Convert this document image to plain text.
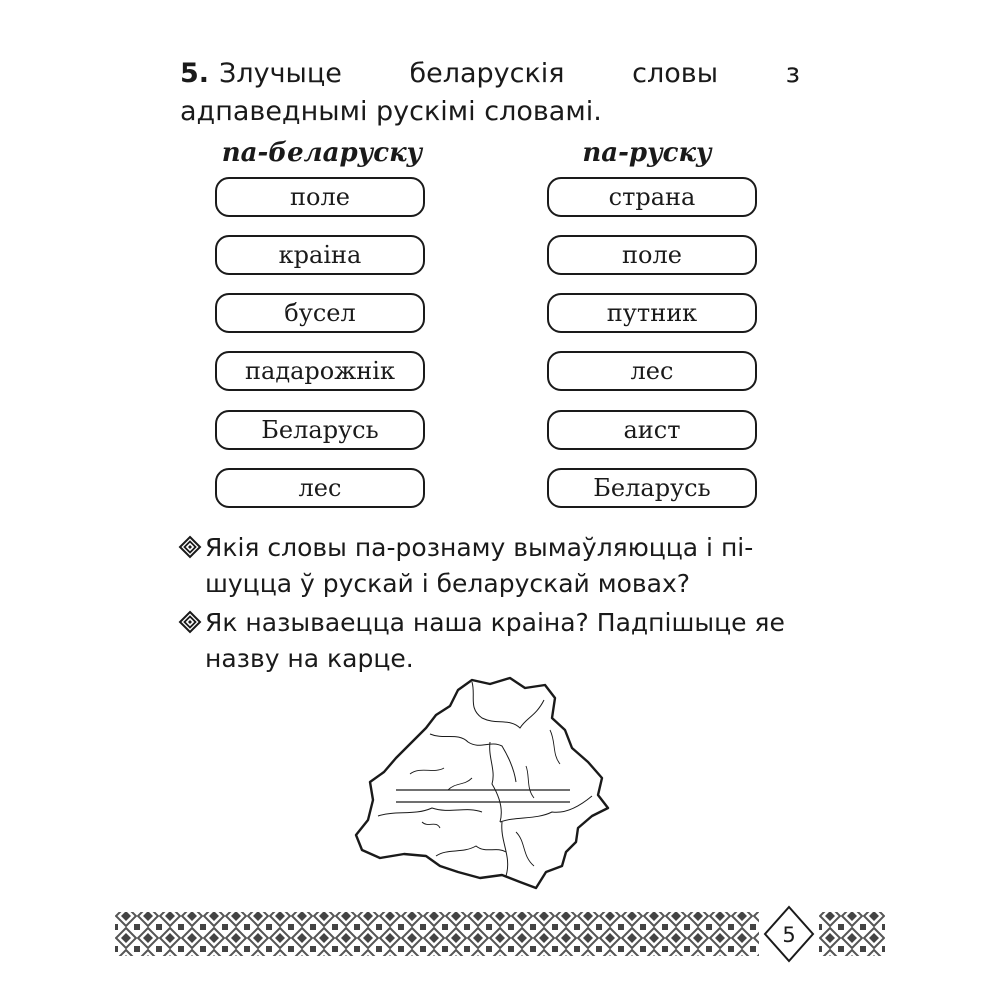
5. Злучыце беларускія словы з адпаведнымі рускімі словамі.
па-беларуску	па-руску
поле
краіна
бусел
падарожнік
Беларусь
лес
страна
поле
путник
лес
аист
Беларусь
Якія словы па-рознаму вымаўляюцца і пі-шуцца ў рускай і беларускай мовах?
Як называецца наша краіна? Падпішыце яе назву на карце.
5
